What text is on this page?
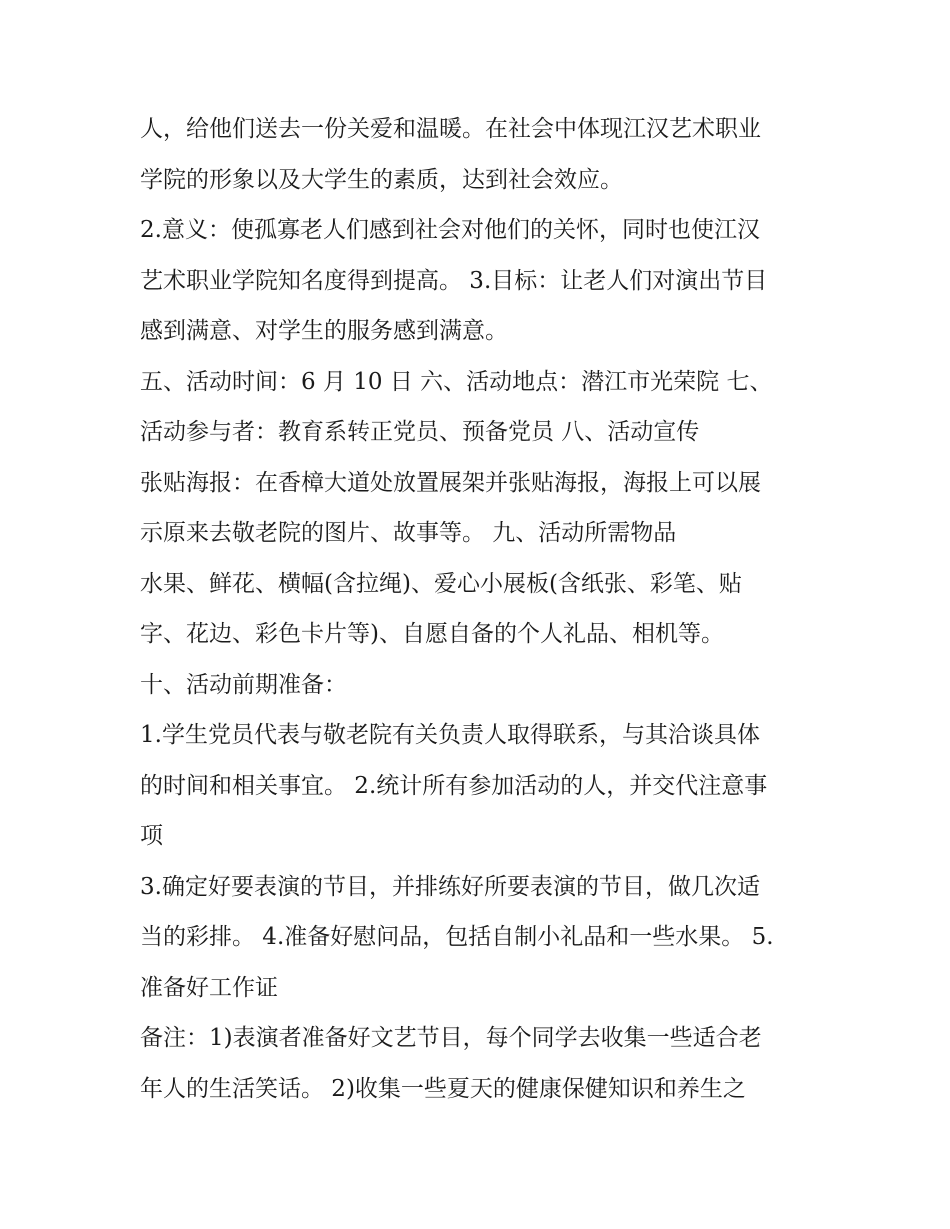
人，给他们送去一份关爱和温暖。在社会中体现江汉艺术职业
学院的形象以及大学生的素质，达到社会效应。
2.意义：使孤寡老人们感到社会对他们的关怀，同时也使江汉
艺术职业学院知名度得到提高。 3.目标：让老人们对演出节目
感到满意、对学生的服务感到满意。
五、活动时间：6 月 10 日 六、活动地点：潜江市光荣院 七、
活动参与者：教育系转正党员、预备党员 八、活动宣传
张贴海报：在香樟大道处放置展架并张贴海报，海报上可以展
示原来去敬老院的图片、故事等。 九、活动所需物品
水果、鲜花、横幅(含拉绳)、爱心小展板(含纸张、彩笔、贴
字、花边、彩色卡片等)、自愿自备的个人礼品、相机等。
十、活动前期准备：
1.学生党员代表与敬老院有关负责人取得联系，与其洽谈具体
的时间和相关事宜。 2.统计所有参加活动的人，并交代注意事
项
3.确定好要表演的节目，并排练好所要表演的节目，做几次适
当的彩排。 4.准备好慰问品，包括自制小礼品和一些水果。 5.
准备好工作证
备注：1)表演者准备好文艺节目，每个同学去收集一些适合老
年人的生活笑话。 2)收集一些夏天的健康保健知识和养生之
